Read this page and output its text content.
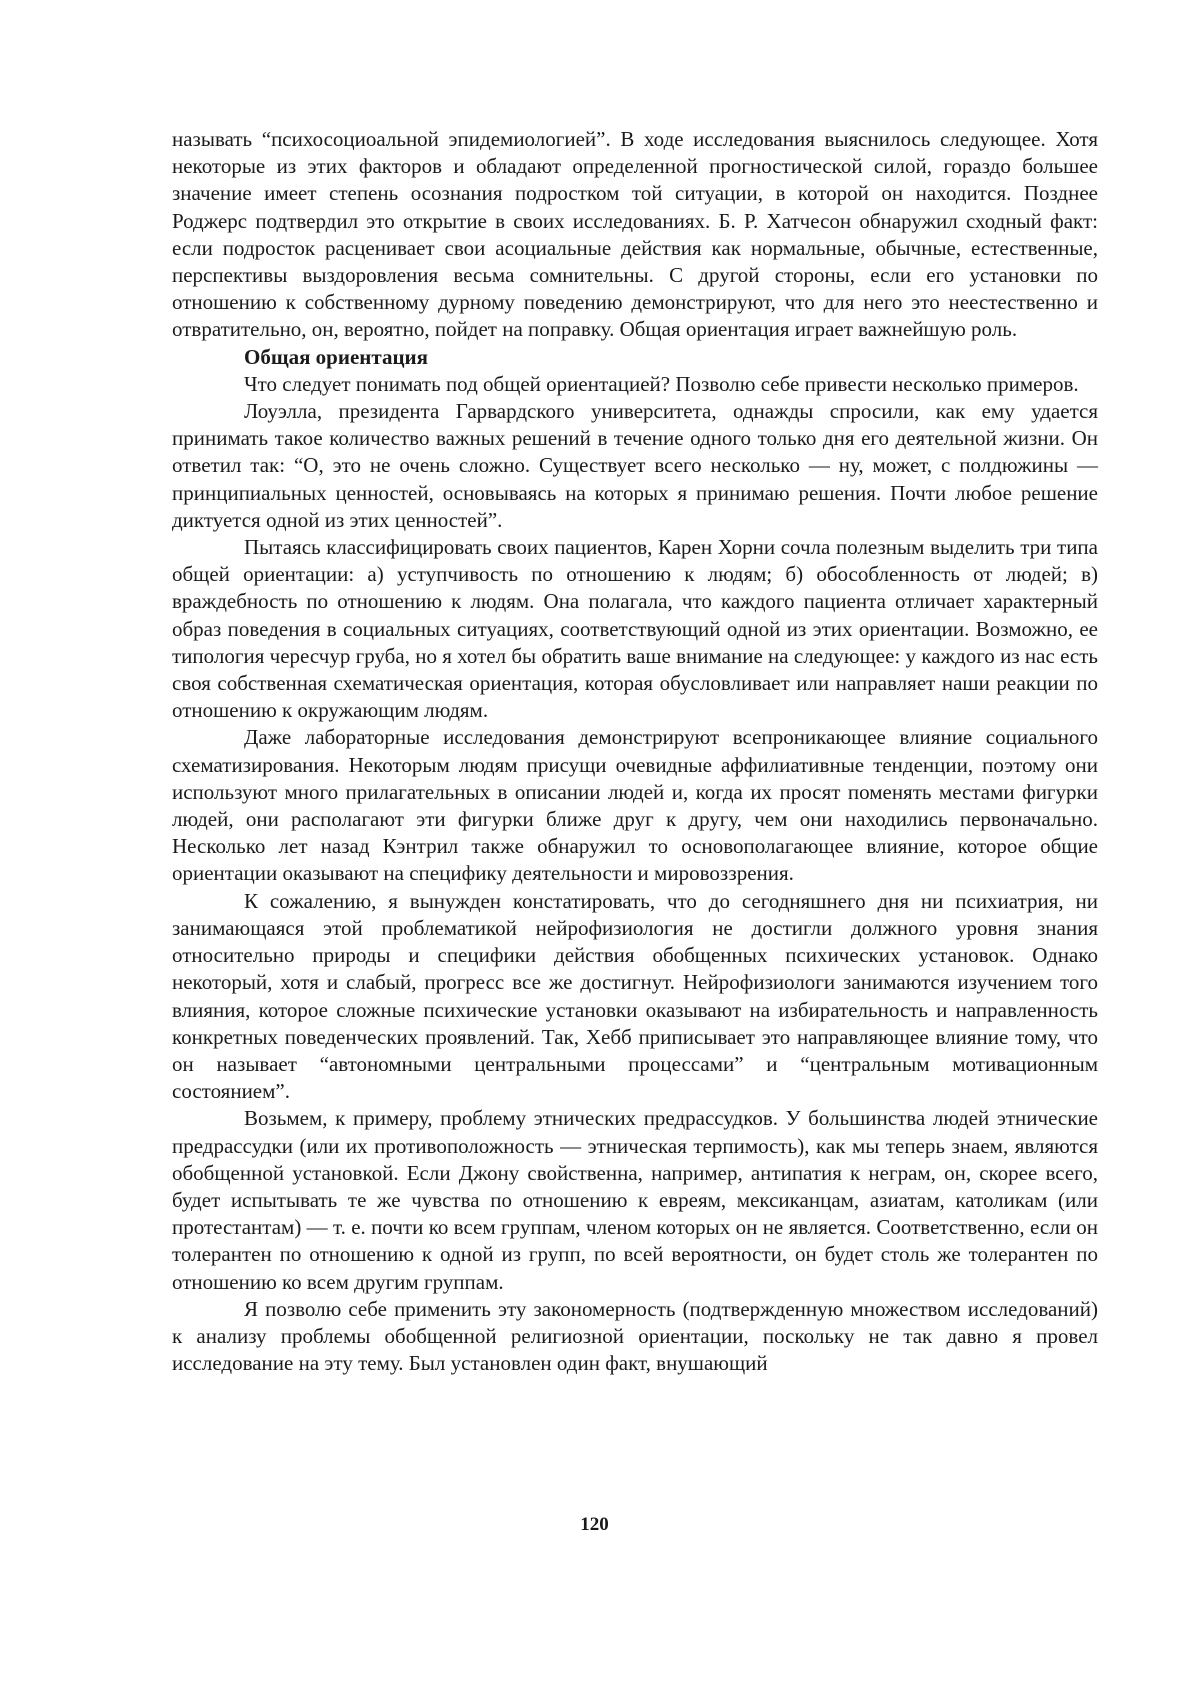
называть “психосоциоальной эпидемиологией”. В ходе исследования выяснилось следующее. Хотя некоторые из этих факторов и обладают определенной прогностической силой, гораздо большее значение имеет степень осознания подростком той ситуации, в которой он находится. Позднее Роджерс подтвердил это открытие в своих исследованиях. Б. Р. Хатчесон обнаружил сходный факт: если подросток расценивает свои асоциальные действия как нормальные, обычные, естественные, перспективы выздоровления весьма сомнительны. С другой стороны, если его установки по отношению к собственному дурному поведению демонстрируют, что для него это неестественно и отвратительно, он, вероятно, пойдет на поправку. Общая ориентация играет важнейшую роль.

Общая ориентация

Что следует понимать под общей ориентацией? Позволю себе привести несколько примеров.

Лоуэлла, президента Гарвардского университета, однажды спросили, как ему удается принимать такое количество важных решений в течение одного только дня его деятельной жизни. Он ответил так: “О, это не очень сложно. Существует всего несколько — ну, может, с полдюжины — принципиальных ценностей, основываясь на которых я принимаю решения. Почти любое решение диктуется одной из этих ценностей”.

Пытаясь классифицировать своих пациентов, Карен Хорни сочла полезным выделить три типа общей ориентации: а) уступчивость по отношению к людям; б) обособленность от людей; в) враждебность по отношению к людям. Она полагала, что каждого пациента отличает характерный образ поведения в социальных ситуациях, соответствующий одной из этих ориентации. Возможно, ее типология чересчур груба, но я хотел бы обратить ваше внимание на следующее: у каждого из нас есть своя собственная схематическая ориентация, которая обусловливает или направляет наши реакции по отношению к окружающим людям.

Даже лабораторные исследования демонстрируют всепроникающее влияние социального схематизирования. Некоторым людям присущи очевидные аффилиативные тенденции, поэтому они используют много прилагательных в описании людей и, когда их просят поменять местами фигурки людей, они располагают эти фигурки ближе друг к другу, чем они находились первоначально. Несколько лет назад Кэнтрил также обнаружил то основополагающее влияние, которое общие ориентации оказывают на специфику деятельности и мировоззрения.

К сожалению, я вынужден констатировать, что до сегодняшнего дня ни психиатрия, ни занимающаяся этой проблематикой нейрофизиология не достигли должного уровня знания относительно природы и специфики действия обобщенных психических установок. Однако некоторый, хотя и слабый, прогресс все же достигнут. Нейрофизиологи занимаются изучением того влияния, которое сложные психические установки оказывают на избирательность и направленность конкретных поведенческих проявлений. Так, Хебб приписывает это направляющее влияние тому, что он называет “автономными центральными процессами” и “центральным мотивационным состоянием”.

Возьмем, к примеру, проблему этнических предрассудков. У большинства людей этнические предрассудки (или их противоположность — этническая терпимость), как мы теперь знаем, являются обобщенной установкой. Если Джону свойственна, например, антипатия к неграм, он, скорее всего, будет испытывать те же чувства по отношению к евреям, мексиканцам, азиатам, католикам (или протестантам) — т. е. почти ко всем группам, членом которых он не является. Соответственно, если он толерантен по отношению к одной из групп, по всей вероятности, он будет столь же толерантен по отношению ко всем другим группам.

Я позволю себе применить эту закономерность (подтвержденную множеством исследований) к анализу проблемы обобщенной религиозной ориентации, поскольку не так давно я провел исследование на эту тему. Был установлен один факт, внушающий

120
